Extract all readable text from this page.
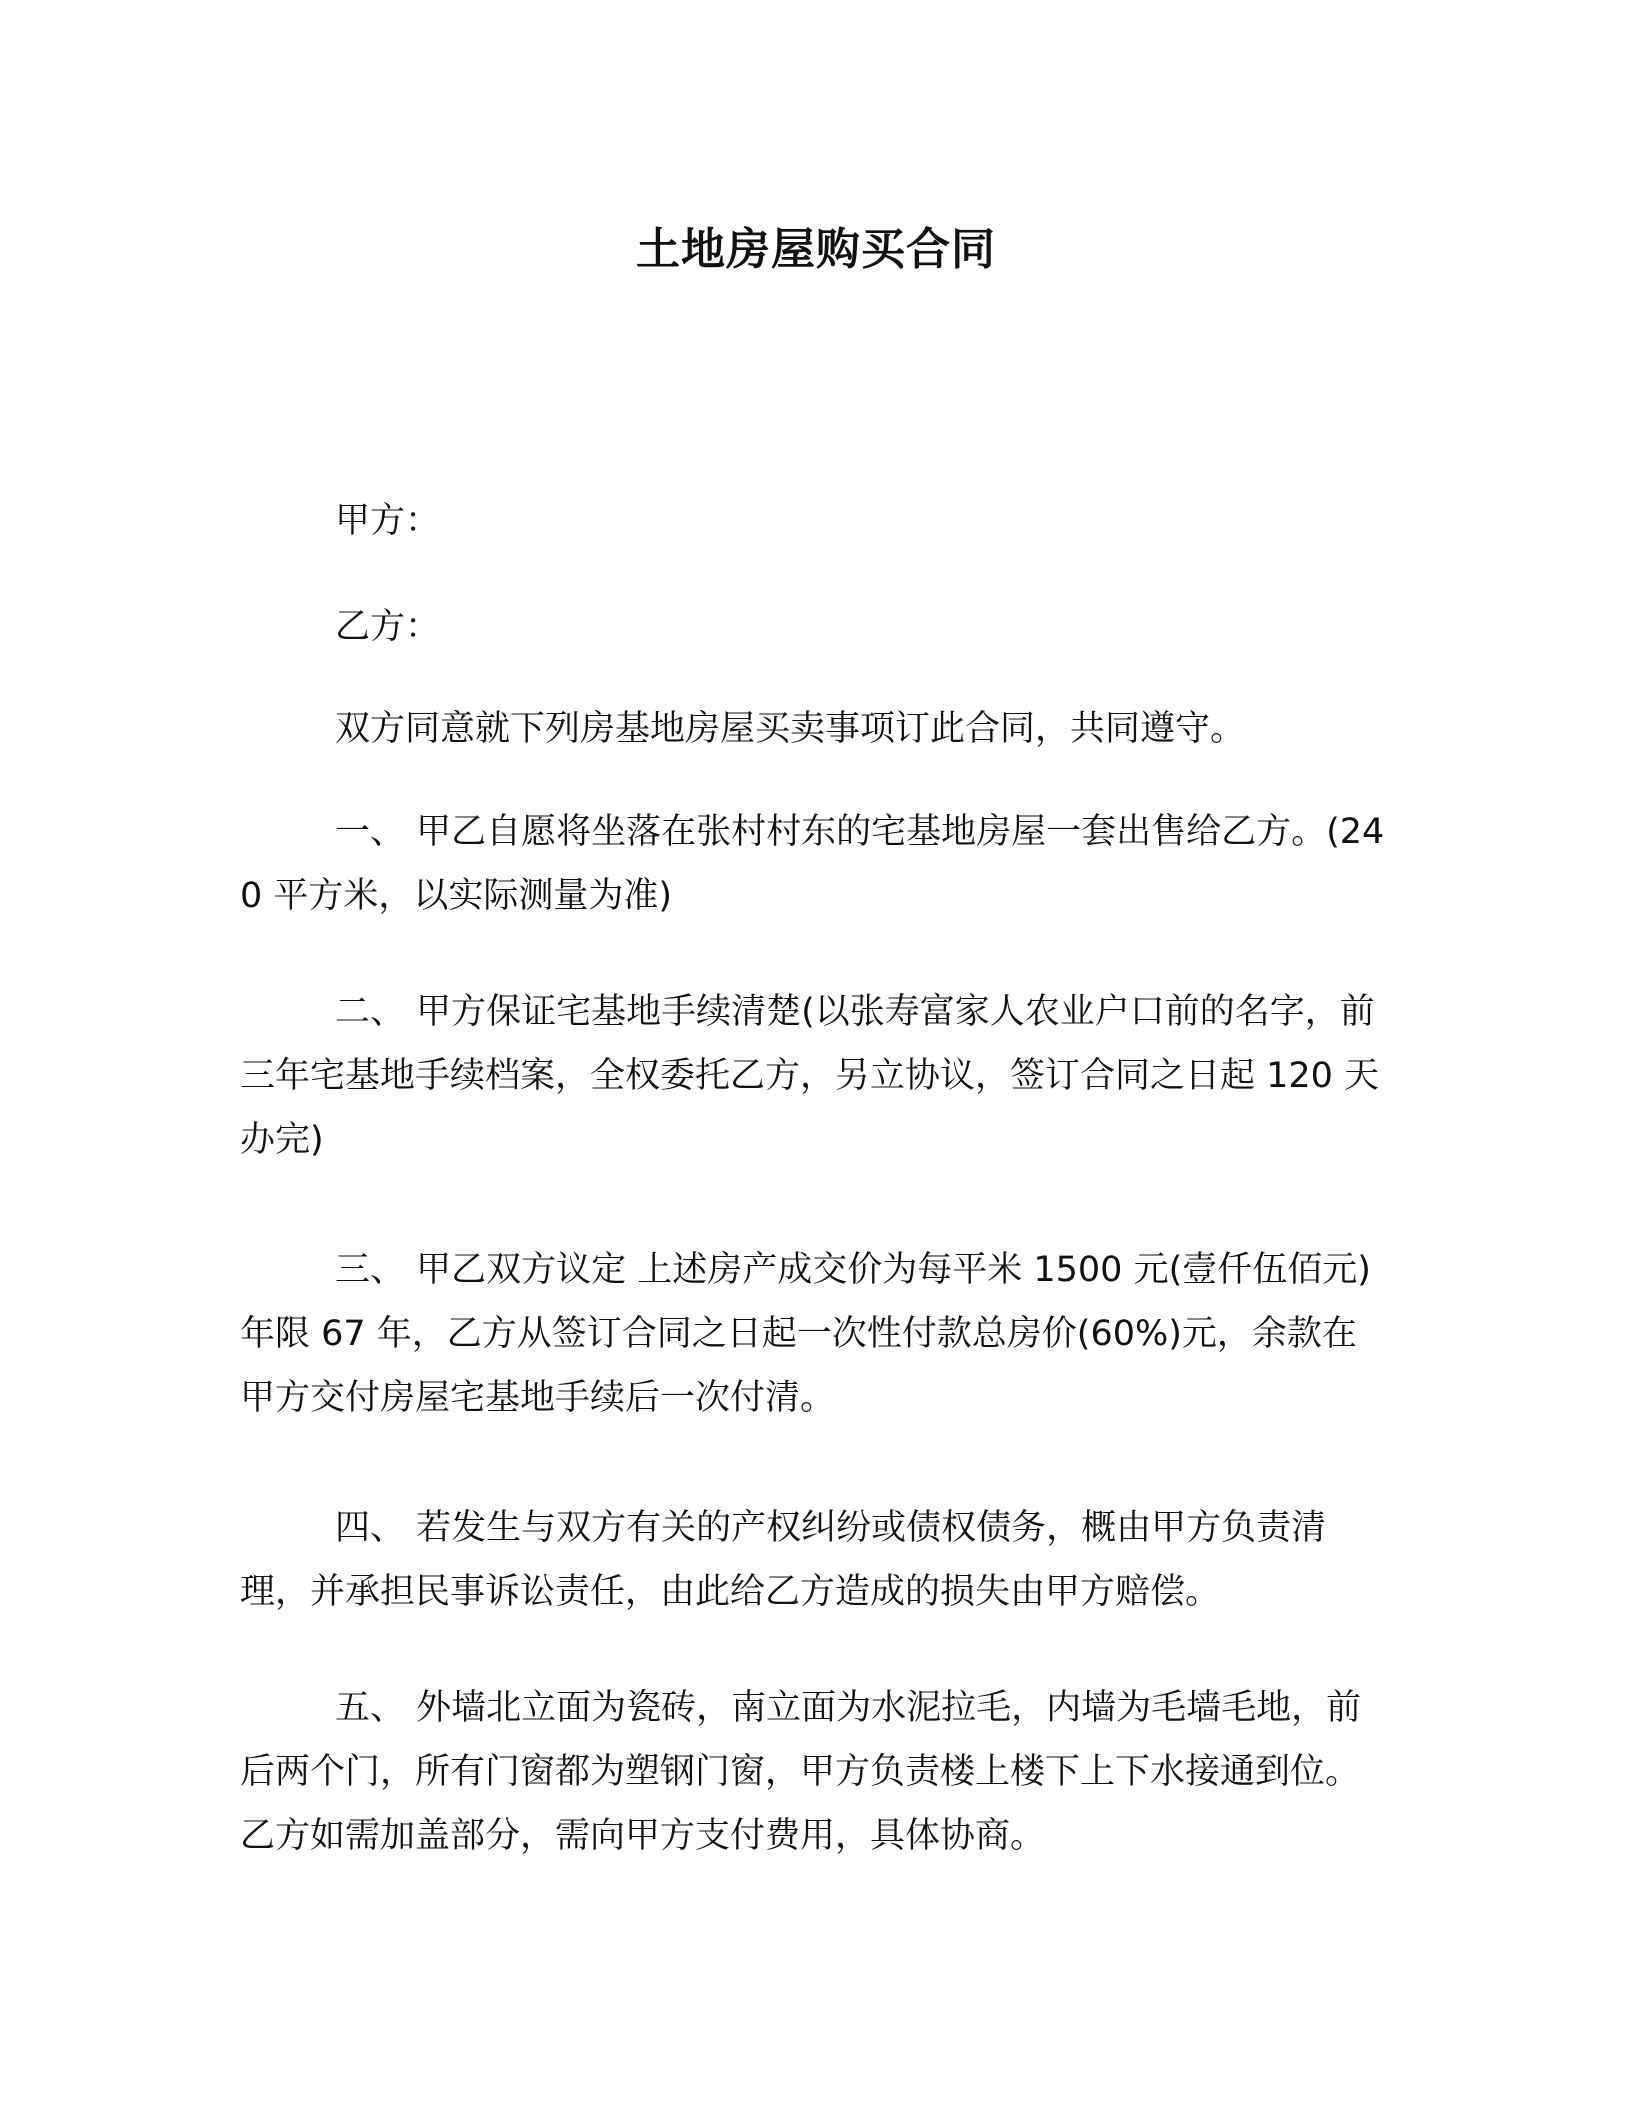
土地房屋购买合同

甲方：

乙方：

双方同意就下列房基地房屋买卖事项订此合同，共同遵守。

一、 甲乙自愿将坐落在张村村东的宅基地房屋一套出售给乙方。(240 平方米，以实际测量为准)

二、 甲方保证宅基地手续清楚(以张寿富家人农业户口前的名字，前三年宅基地手续档案，全权委托乙方，另立协议，签订合同之日起 120 天办完)

三、 甲乙双方议定 上述房产成交价为每平米 1500 元(壹仟伍佰元)年限 67 年，乙方从签订合同之日起一次性付款总房价(60%)元，余款在甲方交付房屋宅基地手续后一次付清。

四、 若发生与双方有关的产权纠纷或债权债务，概由甲方负责清理，并承担民事诉讼责任，由此给乙方造成的损失由甲方赔偿。

五、 外墙北立面为瓷砖，南立面为水泥拉毛，内墙为毛墙毛地，前后两个门，所有门窗都为塑钢门窗，甲方负责楼上楼下上下水接通到位。乙方如需加盖部分，需向甲方支付费用，具体协商。
